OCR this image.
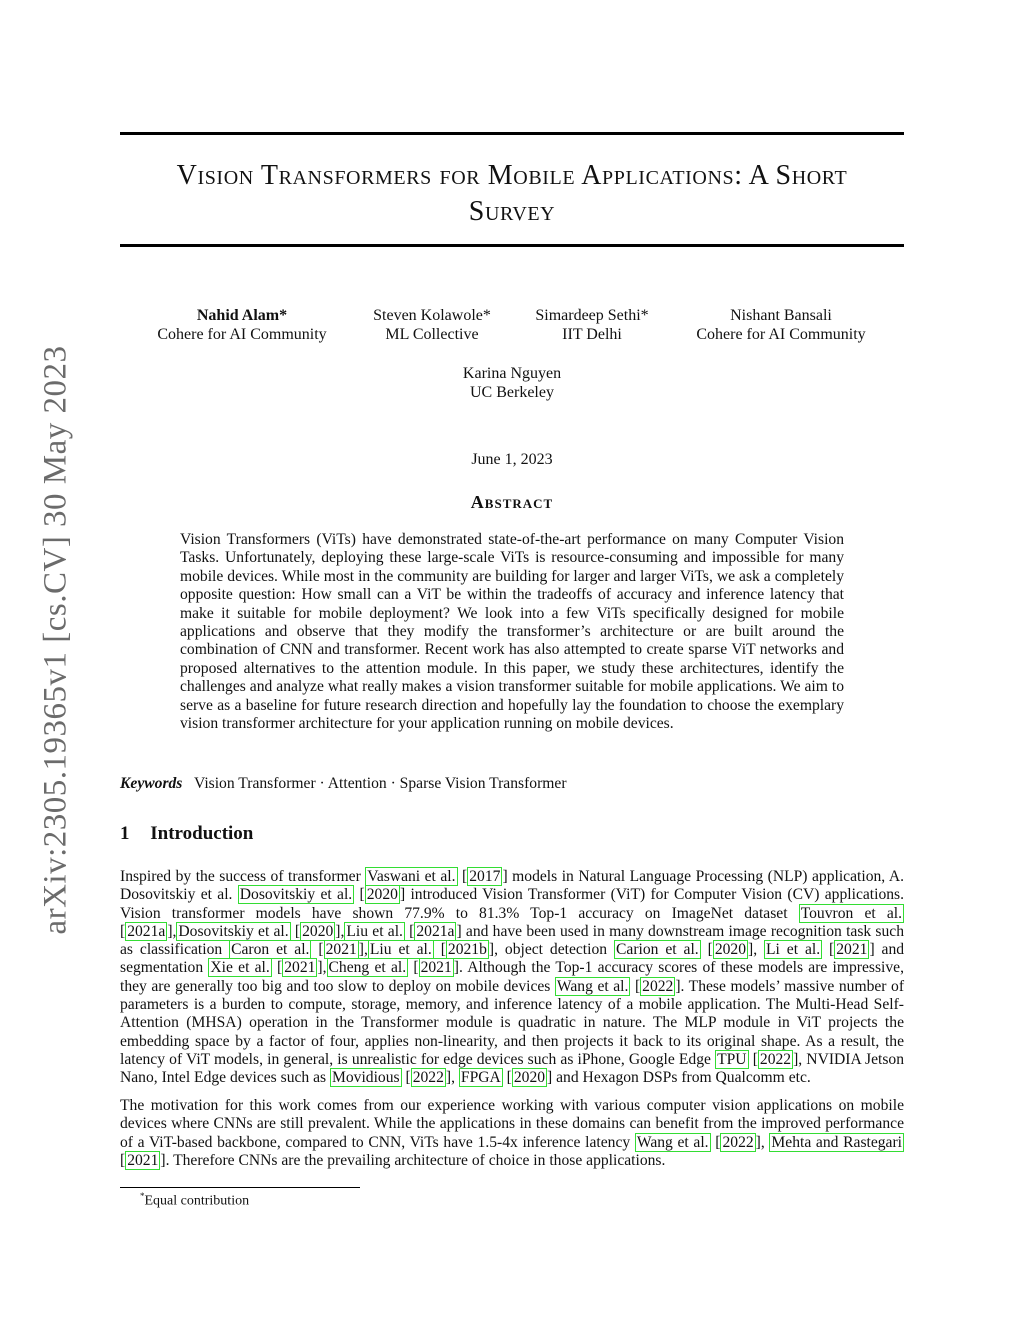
arXiv:2305.19365v1 [cs.CV] 30 May 2023
Vision Transformers for Mobile Applications: A Short
Survey
Nahid Alam*
Cohere for AI Community
Steven Kolawole*
ML Collective
Simardeep Sethi*
IIT Delhi
Nishant Bansali
Cohere for AI Community
Karina Nguyen
UC Berkeley
June 1, 2023
Abstract
Vision Transformers (ViTs) have demonstrated state-of-the-art performance on many Computer Vision Tasks. Unfortunately, deploying these large-scale ViTs is resource-consuming and impossible for many mobile devices. While most in the community are building for larger and larger ViTs, we ask a completely opposite question: How small can a ViT be within the tradeoffs of accuracy and inference latency that make it suitable for mobile deployment? We look into a few ViTs specifically designed for mobile applications and observe that they modify the transformer’s architecture or are built around the combination of CNN and transformer. Recent work has also attempted to create sparse ViT networks and proposed alternatives to the attention module. In this paper, we study these architectures, identify the challenges and analyze what really makes a vision transformer suitable for mobile applications. We aim to serve as a baseline for future research direction and hopefully lay the foundation to choose the exemplary vision transformer architecture for your application running on mobile devices.
Keywords Vision Transformer · Attention · Sparse Vision Transformer
1 Introduction
Inspired by the success of transformer Vaswani et al. [ 2017 ] models in Natural Language Processing (NLP) application, A. Dosovitskiy et al. Dosovitskiy et al. [ 2020 ] introduced Vision Transformer (ViT) for Computer Vision (CV) applications. Vision transformer models have shown 77.9% to 81.3% Top-1 accuracy on ImageNet dataset Touvron et al. [ 2021a ], Dosovitskiy et al. [ 2020 ], Liu et al. [ 2021a ] and have been used in many downstream image recognition task such as classification Caron et al. [ 2021 ], Liu et al. [ 2021b ], object detection Carion et al. [ 2020 ], Li et al. [ 2021 ] and segmentation Xie et al. [ 2021 ], Cheng et al. [ 2021 ]. Although the Top-1 accuracy scores of these models are impressive, they are generally too big and too slow to deploy on mobile devices Wang et al. [ 2022 ]. These models’ massive number of parameters is a burden to compute, storage, memory, and inference latency of a mobile application. The Multi-Head Self-Attention (MHSA) operation in the Transformer module is quadratic in nature. The MLP module in ViT projects the embedding space by a factor of four, applies non-linearity, and then projects it back to its original shape. As a result, the latency of ViT models, in general, is unrealistic for edge devices such as iPhone, Google Edge TPU [ 2022 ], NVIDIA Jetson Nano, Intel Edge devices such as Movidious [ 2022 ], FPGA [ 2020 ] and Hexagon DSPs from Qualcomm etc.
The motivation for this work comes from our experience working with various computer vision applications on mobile devices where CNNs are still prevalent. While the applications in these domains can benefit from the improved performance of a ViT-based backbone, compared to CNN, ViTs have 1.5-4x inference latency Wang et al. [ 2022 ], Mehta and Rastegari [ 2021 ]. Therefore CNNs are the prevailing architecture of choice in those applications.
*Equal contribution
